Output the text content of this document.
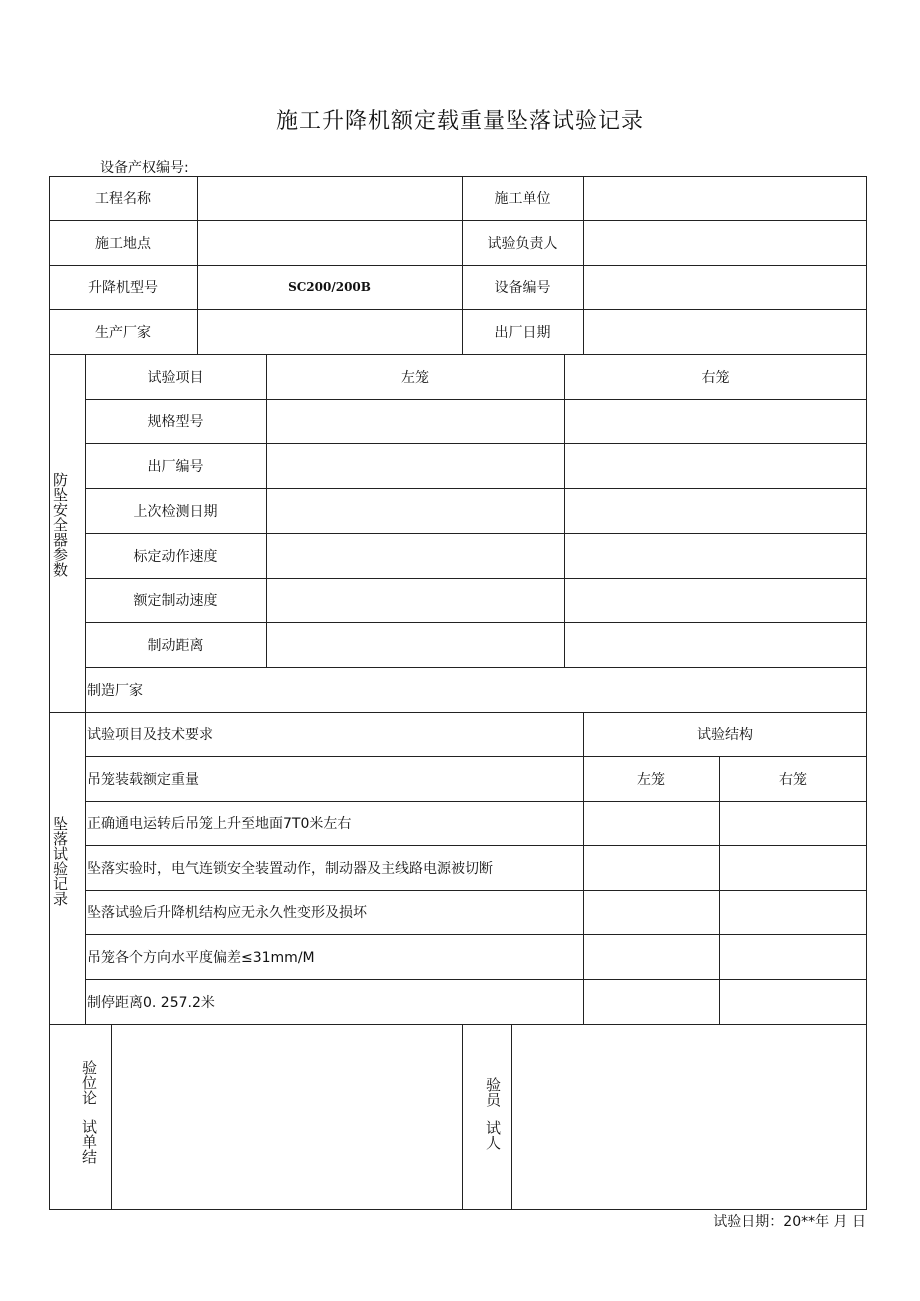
施工升降机额定载重量坠落试验记录
设备产权编号:
工程名称	施工单位
施工地点	试验负责人
升降机型号	SC200/200B	设备编号
生产厂家	出厂日期
防坠安全器参数
试验项目	左笼	右笼
规格型号
出厂编号
上次检测日期
标定动作速度
额定制动速度
制动距离
制造厂家
坠落试验记录
试验项目及技术要求	试验结构
吊笼装载额定重量	左笼	右笼
正确通电运转后吊笼上升至地面7T0米左右
坠落实验时，电气连锁安全装置动作，制动器及主线路电源被切断
坠落试验后升降机结构应无永久性变形及损坏
吊笼各个方向水平度偏差≤31mm/M
制停距离0. 257.2米
验位论
试单结
验员
试人
试验日期：20**年 月 日
